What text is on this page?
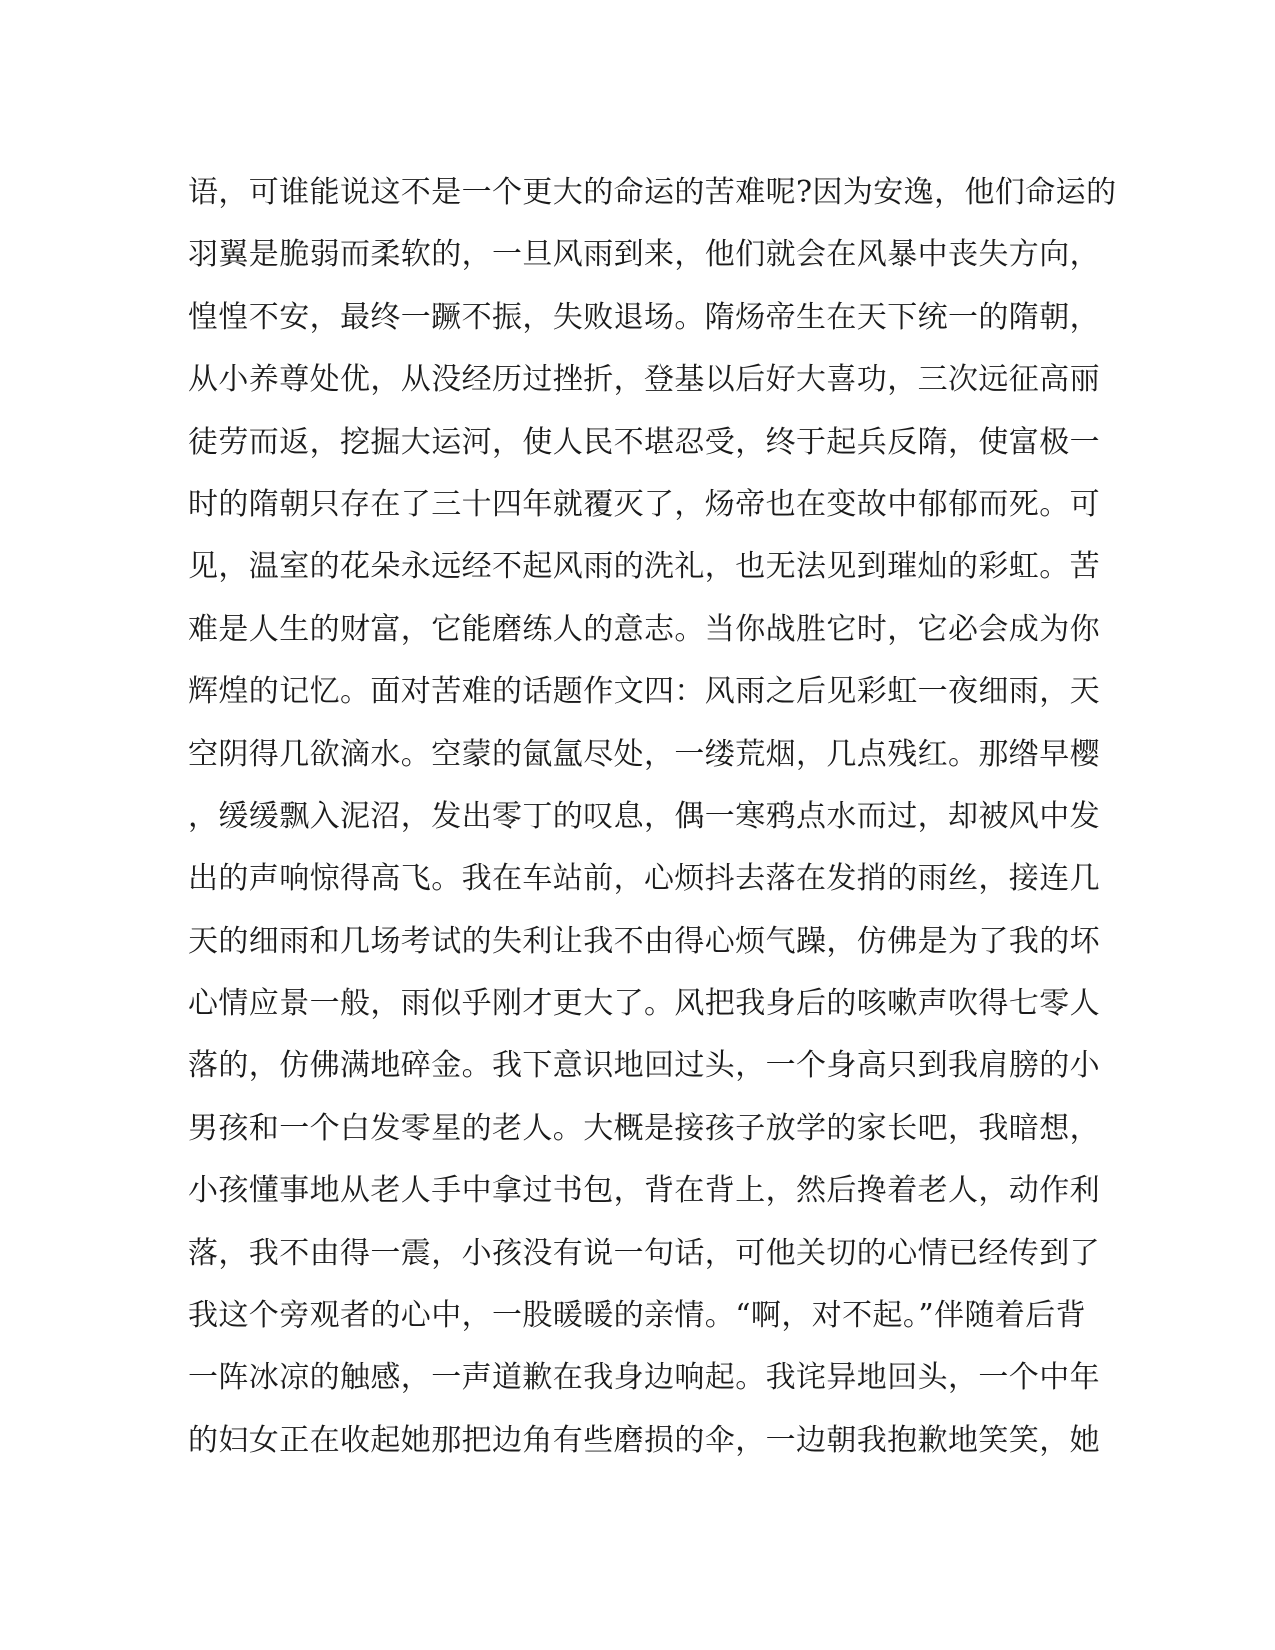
语，可谁能说这不是一个更大的命运的苦难呢?因为安逸，他们命运的
羽翼是脆弱而柔软的，一旦风雨到来，他们就会在风暴中丧失方向，
惶惶不安，最终一蹶不振，失败退场。隋炀帝生在天下统一的隋朝，
从小养尊处优，从没经历过挫折，登基以后好大喜功，三次远征高丽
徒劳而返，挖掘大运河，使人民不堪忍受，终于起兵反隋，使富极一
时的隋朝只存在了三十四年就覆灭了，炀帝也在变故中郁郁而死。可
见，温室的花朵永远经不起风雨的洗礼，也无法见到璀灿的彩虹。苦
难是人生的财富，它能磨练人的意志。当你战胜它时，它必会成为你
辉煌的记忆。面对苦难的话题作文四：风雨之后见彩虹一夜细雨，天
空阴得几欲滴水。空蒙的氤氲尽处，一缕荒烟，几点残红。那绺早樱
，缓缓飘入泥沼，发出零丁的叹息，偶一寒鸦点水而过，却被风中发
出的声响惊得高飞。我在车站前，心烦抖去落在发捎的雨丝，接连几
天的细雨和几场考试的失利让我不由得心烦气躁，仿佛是为了我的坏
心情应景一般，雨似乎刚才更大了。风把我身后的咳嗽声吹得七零人
落的，仿佛满地碎金。我下意识地回过头，一个身高只到我肩膀的小
男孩和一个白发零星的老人。大概是接孩子放学的家长吧，我暗想，
小孩懂事地从老人手中拿过书包，背在背上，然后搀着老人，动作利
落，我不由得一震，小孩没有说一句话，可他关切的心情已经传到了
我这个旁观者的心中，一股暖暖的亲情。“啊，对不起。”伴随着后背
一阵冰凉的触感，一声道歉在我身边响起。我诧异地回头，一个中年
的妇女正在收起她那把边角有些磨损的伞，一边朝我抱歉地笑笑，她
